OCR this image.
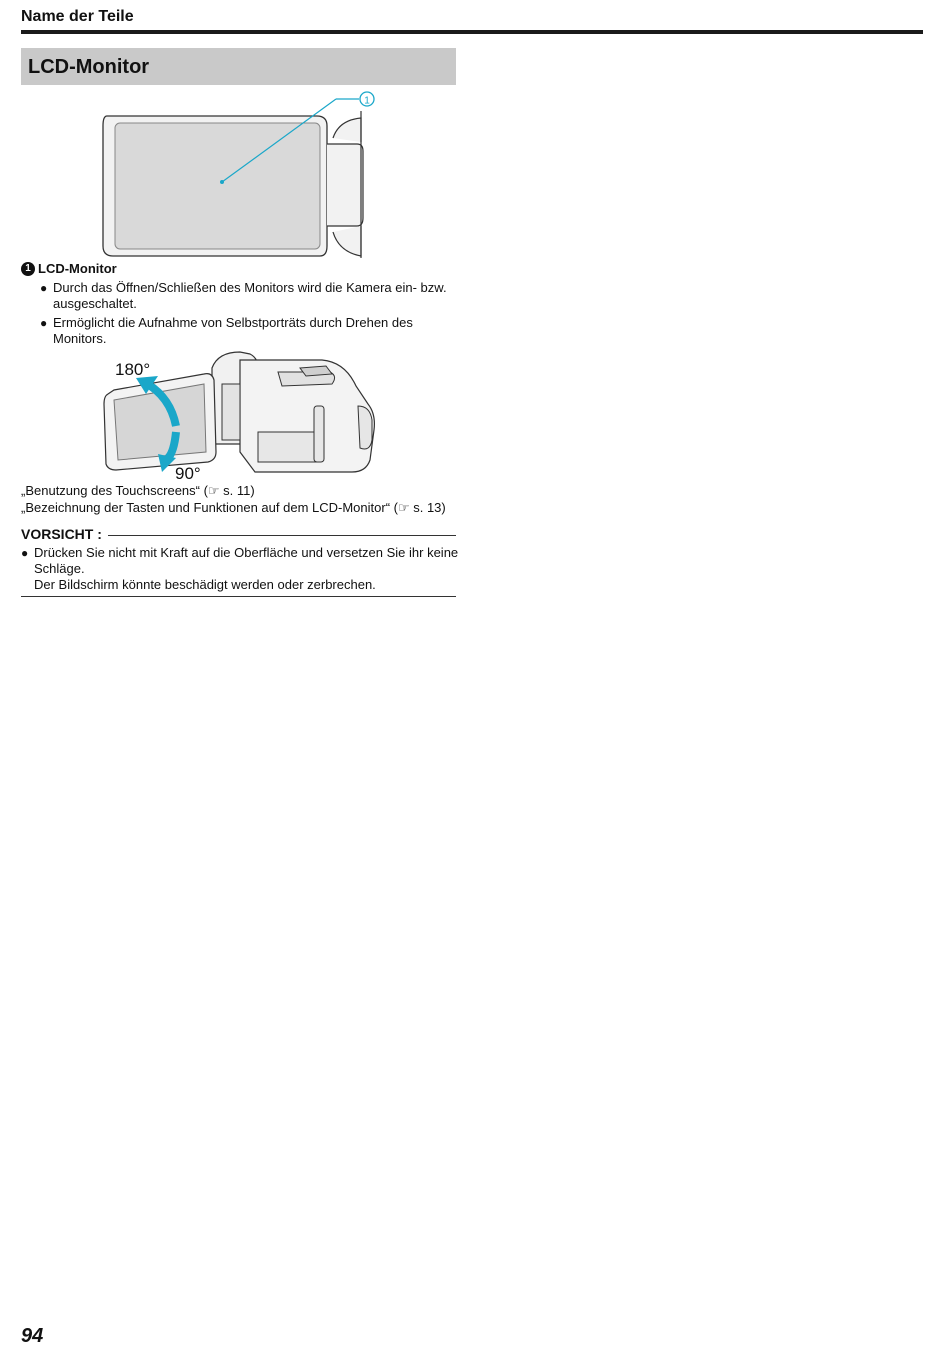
Name der Teile
LCD-Monitor
1
1 LCD-Monitor
● Durch das Öffnen/Schließen des Monitors wird die Kamera ein- bzw. ausgeschaltet.
● Ermöglicht die Aufnahme von Selbstporträts durch Drehen des Monitors.
180°
90°
„Benutzung des Touchscreens“ (☞ s. 11)
„Bezeichnung der Tasten und Funktionen auf dem LCD-Monitor“ (☞ s. 13)
VORSICHT :
● Drücken Sie nicht mit Kraft auf die Oberfläche und versetzen Sie ihr keine Schläge.
Der Bildschirm könnte beschädigt werden oder zerbrechen.
94
